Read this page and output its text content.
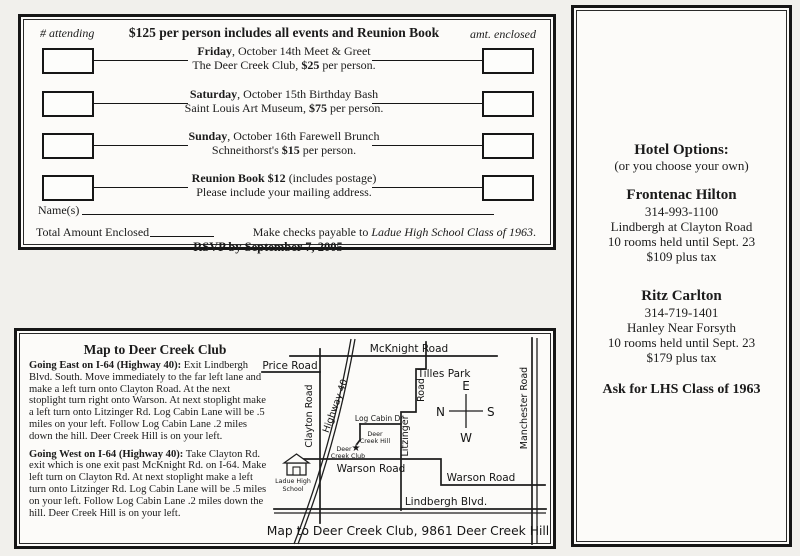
# attending	$125 per person includes all events and Reunion Book	amt. enclosed
Friday, October 14th Meet & Greet
The Deer Creek Club, $25 per person.
Saturday, October 15th Birthday Bash
Saint Louis Art Museum, $75 per person.
Sunday, October 16th Farewell Brunch
Schneithorst's $15 per person.
Reunion Book $12 (includes postage)
Please include your mailing address.
Name(s)
Total Amount Enclosed	Make checks payable to Ladue High School Class of 1963.
RSVP by September 7, 2005
Hotel Options:
(or you choose your own)
Frontenac Hilton
314-993-1100
Lindbergh at Clayton Road
10 rooms held until Sept. 23
$109 plus tax
Ritz Carlton
314-719-1401
Hanley Near Forsyth
10 rooms held until Sept. 23
$179 plus tax
Ask for LHS Class of 1963
Map to Deer Creek Club

Going East on I-64 (Highway 40): Exit Lindbergh Blvd. South. Move immediately to the far left lane and make a left turn onto Clayton Road. At the next stoplight turn right onto Warson. At next stoplight make a left turn onto Litzinger Rd. Log Cabin Lane will be .5 miles on your left. Follow Log Cabin Lane .2 miles down the hill. Deer Creek Hill is on your left.

Going West on I-64 (Highway 40): Take Clayton Rd. exit which is one exit past McKnight Rd. on I-64. Make left turn on Clayton Rd. At next stoplight make a left turn onto Litzinger Rd. Log Cabin Lane will be .5 miles on your left. Follow Log Cabin Lane .2 miles down the hill. Deer Creek Hill is on your left.

E
N	S
W
McKnight Road
Price Road
Tilles Park
Clayton Road Highway 40	Road
Litzinger
Log Cabin Dr.
Deer
Creek Hill
★
Deer
Creek Club
Warson Road
Warson Road
Lindbergh Blvd.
Manchester Road
Ladue High
School
Map to Deer Creek Club, 9861 Deer Creek Hill
